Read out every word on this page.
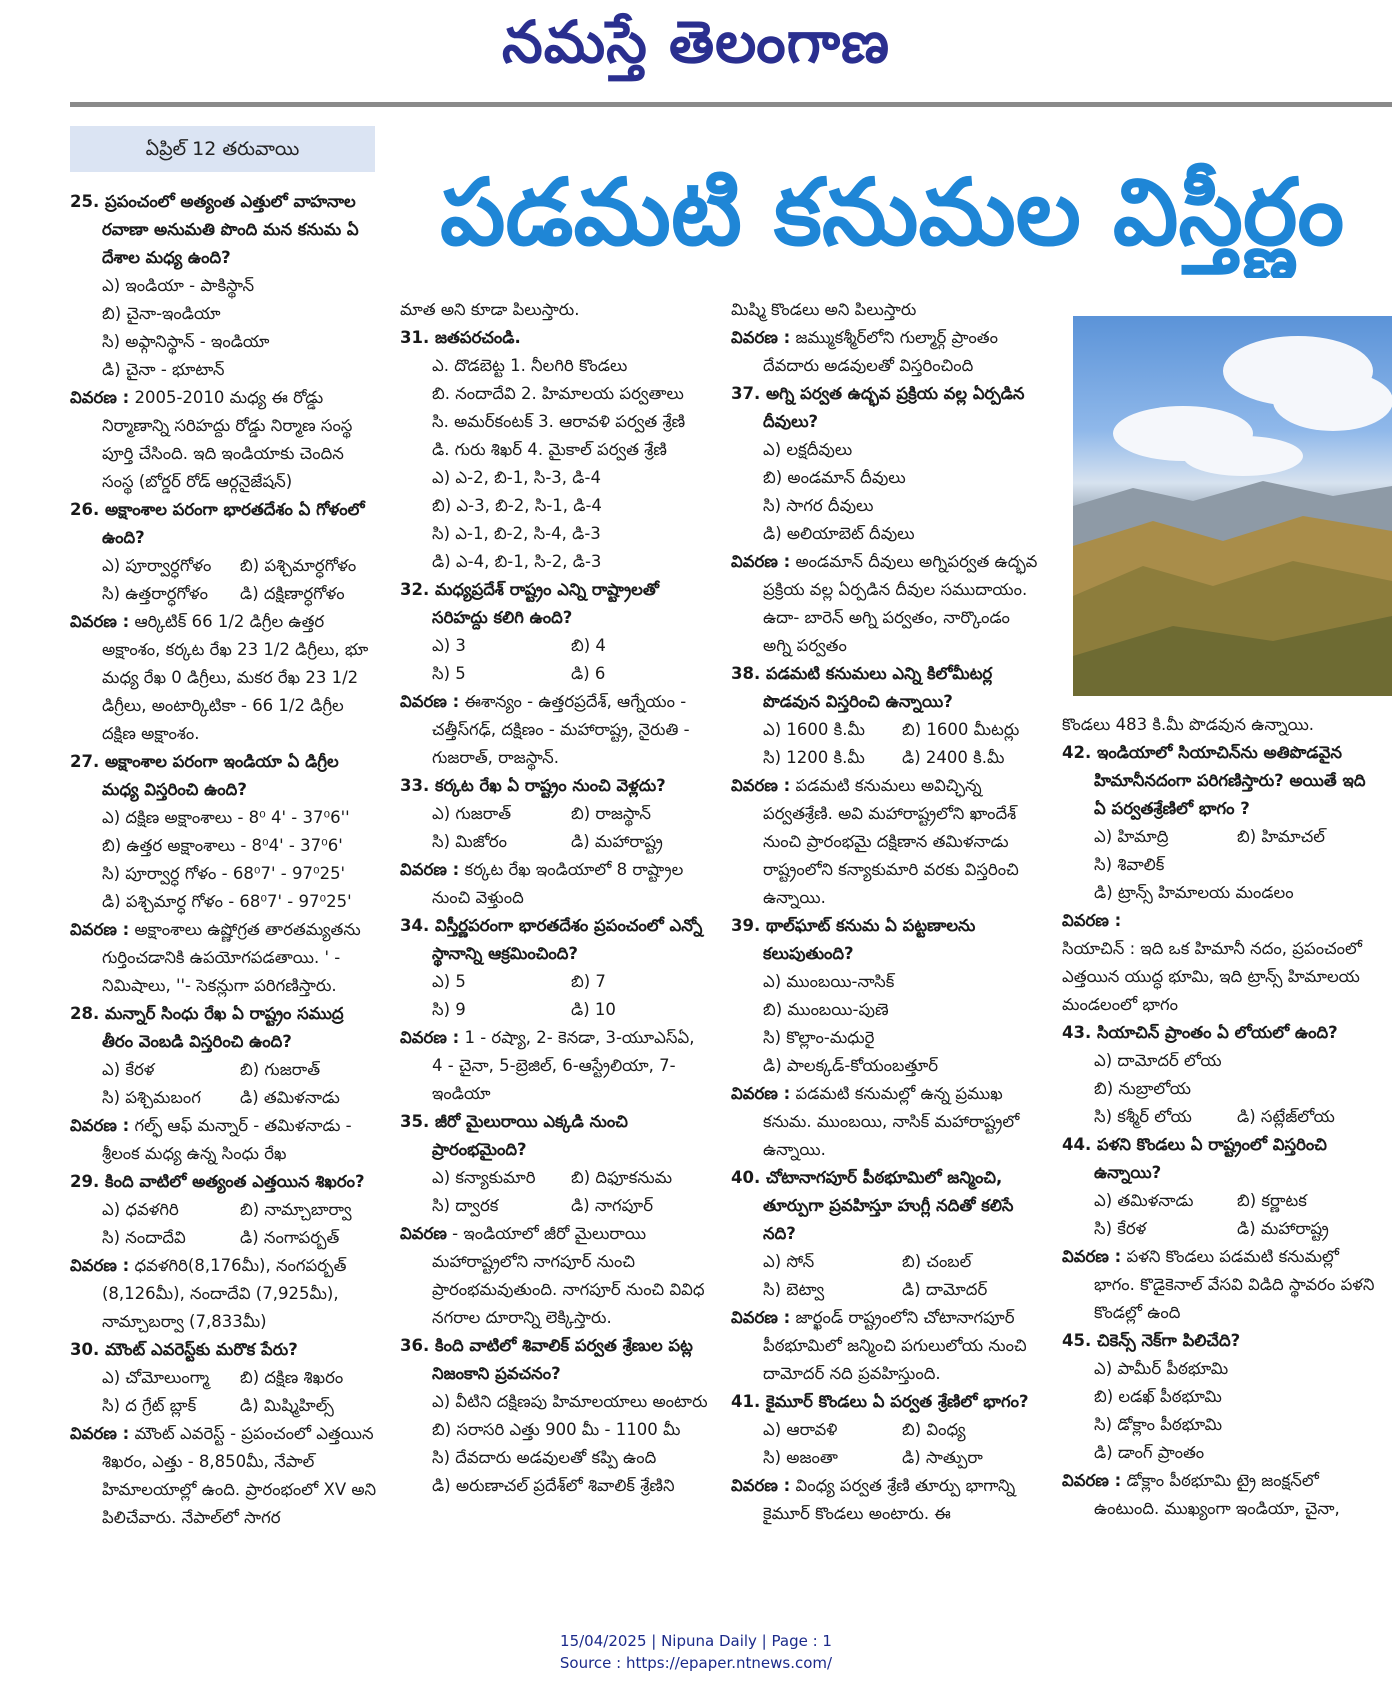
నమస్తే తెలంగాణ
ఏప్రిల్ 12 తరువాయి
పడమటి కనుమల విస్తీర్ణం
25. ప్రపంచంలో అత్యంత ఎత్తులో వాహనాల రవాణా అనుమతి పొంది మన కనుమ ఏ దేశాల మధ్య ఉంది?
ఎ) ఇండియా - పాకిస్థాన్
బి) చైనా-ఇండియా
సి) అఫ్గానిస్థాన్ - ఇండియా
డి) చైనా - భూటాన్
వివరణ : 2005-2010 మధ్య ఈ రోడ్డు నిర్మాణాన్ని సరిహద్దు రోడ్డు నిర్మాణ సంస్థ పూర్తి చేసింది. ఇది ఇండియాకు చెందిన సంస్థ (బోర్డర్ రోడ్ ఆర్గనైజేషన్)
26. అక్షాంశాల పరంగా భారతదేశం ఏ గోళంలో ఉంది?
ఎ) పూర్వార్ధగోళం	బి) పశ్చిమార్ధగోళం
సి) ఉత్తరార్ధగోళం	డి) దక్షిణార్ధగోళం
వివరణ : ఆర్కిటిక్ 66 1/2 డిగ్రీల ఉత్తర అక్షాంశం, కర్కట రేఖ 23 1/2 డిగ్రీలు, భూ మధ్య రేఖ 0 డిగ్రీలు, మకర రేఖ 23 1/2 డిగ్రీలు, అంటార్కిటికా - 66 1/2 డిగ్రీల దక్షిణ అక్షాంశం.
27. అక్షాంశాల పరంగా ఇండియా ఏ డిగ్రీల మధ్య విస్తరించి ఉంది?
ఎ) దక్షిణ అక్షాంశాలు - 8⁰ 4' - 37⁰6''
బి) ఉత్తర అక్షాంశాలు - 8⁰4' - 37⁰6'
సి) పూర్వార్ధ గోళం - 68⁰7' - 97⁰25'
డి) పశ్చిమార్ధ గోళం - 68⁰7' - 97⁰25'
వివరణ : అక్షాంశాలు ఉష్ణోగ్రత తారతమ్యతను గుర్తించడానికి ఉపయోగపడతాయి. ' - నిమిషాలు, ''- సెకన్లుగా పరిగణిస్తారు.
28. మన్నార్ సింధు రేఖ ఏ రాష్ట్రం సముద్ర తీరం వెంబడి విస్తరించి ఉంది?
ఎ) కేరళ	బి) గుజరాత్
సి) పశ్చిమబంగ	డి) తమిళనాడు
వివరణ : గల్ఫ్ ఆఫ్ మన్నార్ - తమిళనాడు - శ్రీలంక మధ్య ఉన్న సింధు రేఖ
29. కింది వాటిలో అత్యంత ఎత్తయిన శిఖరం?
ఎ) ధవళగిరి	బి) నామ్చాబార్వా
సి) నందాదేవి	డి) నంగాపర్బత్
వివరణ : ధవళగిరి(8,176మీ), నంగపర్బత్ (8,126మీ), నందాదేవి (7,925మీ), నామ్చాబర్వా (7,833మీ)
30. మౌంట్ ఎవరెస్ట్‌కు మరొక పేరు?
ఎ) చోమోలుంగ్మా	బి) దక్షిణ శిఖరం
సి) ద గ్రేట్ బ్లాక్	డి) మిష్మిహిల్స్
వివరణ : మౌంట్ ఎవరెస్ట్ - ప్రపంచంలో ఎత్తయిన శిఖరం, ఎత్తు - 8,850మీ, నేపాల్ హిమాలయాల్లో ఉంది. ప్రారంభంలో XV అని పిలిచేవారు. నేపాల్‌లో సాగర
మాత అని కూడా పిలుస్తారు.
31. జతపరచండి.
ఎ. దొడబెట్ట 1. నీలగిరి కొండలు
బి. నందాదేవి 2. హిమాలయ పర్వతాలు
సి. అమర్‌కంటక్ 3. ఆరావళి పర్వత శ్రేణి
డి. గురు శిఖర్ 4. మైకాల్ పర్వత శ్రేణి
ఎ) ఎ-2, బి-1, సి-3, డి-4
బి) ఎ-3, బి-2, సి-1, డి-4
సి) ఎ-1, బి-2, సి-4, డి-3
డి) ఎ-4, బి-1, సి-2, డి-3
32. మధ్యప్రదేశ్ రాష్ట్రం ఎన్ని రాష్ట్రాలతో సరిహద్దు కలిగి ఉంది?
ఎ) 3	బి) 4
సి) 5	డి) 6
వివరణ : ఈశాన్యం - ఉత్తరప్రదేశ్, ఆగ్నేయం - చత్తీస్‌గఢ్, దక్షిణం - మహారాష్ట్ర, నైరుతి - గుజరాత్, రాజస్థాన్.
33. కర్కట రేఖ ఏ రాష్ట్రం నుంచి వెళ్లదు?
ఎ) గుజరాత్	బి) రాజస్థాన్
సి) మిజోరం	డి) మహారాష్ట్ర
వివరణ : కర్కట రేఖ ఇండియాలో 8 రాష్ట్రాల నుంచి వెళ్తుంది
34. విస్తీర్ణపరంగా భారతదేశం ప్రపంచంలో ఎన్నో స్థానాన్ని ఆక్రమించింది?
ఎ) 5	బి) 7
సి) 9	డి) 10
వివరణ : 1 - రష్యా, 2- కెనడా, 3-యూఎస్ఏ, 4 - చైనా, 5-బ్రెజిల్, 6-ఆస్ట్రేలియా, 7-ఇండియా
35. జీరో మైలురాయి ఎక్కడి నుంచి ప్రారంభమైంది?
ఎ) కన్యాకుమారి	బి) దిఫూకనుమ
సి) ద్వారక	డి) నాగపూర్
వివరణ - ఇండియాలో జీరో మైలురాయి మహారాష్ట్రలోని నాగపూర్ నుంచి ప్రారంభమవుతుంది. నాగపూర్ నుంచి వివిధ నగరాల దూరాన్ని లెక్కిస్తారు.
36. కింది వాటిలో శివాలిక్ పర్వత శ్రేణుల పట్ల నిజంకాని ప్రవచనం?
ఎ) వీటిని దక్షిణపు హిమాలయాలు అంటారు
బి) సరాసరి ఎత్తు 900 మీ - 1100 మీ
సి) దేవదారు అడవులతో కప్పి ఉంది
డి) అరుణాచల్ ప్రదేశ్‌లో శివాలిక్ శ్రేణిని
మిష్మి కొండలు అని పిలుస్తారు
వివరణ : జమ్ముకశ్మీర్‌లోని గుల్మార్గ్ ప్రాంతం దేవదారు అడవులతో విస్తరించింది
37. అగ్ని పర్వత ఉద్భవ ప్రక్రియ వల్ల ఏర్పడిన దీవులు?
ఎ) లక్షదీవులు
బి) అండమాన్ దీవులు
సి) సాగర దీవులు
డి) అలియాబెట్ దీవులు
వివరణ : అండమాన్ దీవులు అగ్నిపర్వత ఉద్భవ ప్రక్రియ వల్ల ఏర్పడిన దీవుల సముదాయం. ఉదా- బారెన్ అగ్ని పర్వతం, నార్కొండం అగ్ని పర్వతం
38. పడమటి కనుమలు ఎన్ని కిలోమీటర్ల పొడవున విస్తరించి ఉన్నాయి?
ఎ) 1600 కి.మీ	బి) 1600 మీటర్లు
సి) 1200 కి.మీ	డి) 2400 కి.మీ
వివరణ : పడమటి కనుమలు అవిచ్ఛిన్న పర్వతశ్రేణి. అవి మహారాష్ట్రలోని ఖాందేశ్ నుంచి ప్రారంభమై దక్షిణాన తమిళనాడు రాష్ట్రంలోని కన్యాకుమారి వరకు విస్తరించి ఉన్నాయి.
39. థాల్‌ఘాట్ కనుమ ఏ పట్టణాలను కలుపుతుంది?
ఎ) ముంబయి-నాసిక్
బి) ముంబయి-పుణె
సి) కొల్లాం-మధురై
డి) పాలక్కడ్-కోయంబత్తూర్
వివరణ : పడమటి కనుమల్లో ఉన్న ప్రముఖ కనుమ. ముంబయి, నాసిక్ మహారాష్ట్రలో ఉన్నాయి.
40. చోటానాగపూర్ పీఠభూమిలో జన్మించి, తూర్పుగా ప్రవహిస్తూ హుగ్లీ నదితో కలిసే నది?
ఎ) సోన్	బి) చంబల్
సి) బెట్వా	డి) దామోదర్
వివరణ : జార్ఖండ్ రాష్ట్రంలోని చోటానాగపూర్ పీఠభూమిలో జన్మించి పగులులోయ నుంచి దామోదర్ నది ప్రవహిస్తుంది.
41. కైమూర్ కొండలు ఏ పర్వత శ్రేణిలో భాగం?
ఎ) ఆరావళి	బి) వింధ్య
సి) అజంతా	డి) సాత్పురా
వివరణ : వింధ్య పర్వత శ్రేణి తూర్పు భాగాన్ని కైమూర్ కొండలు అంటారు. ఈ
కొండలు 483 కి.మీ పొడవున ఉన్నాయి.
42. ఇండియాలో సియాచిన్‌ను అతిపొడవైన హిమానీనదంగా పరిగణిస్తారు? అయితే ఇది ఏ పర్వతశ్రేణిలో భాగం ?
ఎ) హిమాద్రి	బి) హిమాచల్
సి) శివాలిక్
డి) ట్రాన్స్ హిమాలయ మండలం
వివరణ :
సియాచిన్ : ఇది ఒక హిమానీ నదం, ప్రపంచంలో ఎత్తయిన యుద్ధ భూమి, ఇది ట్రాన్స్ హిమాలయ మండలంలో భాగం
43. సియాచిన్ ప్రాంతం ఏ లోయలో ఉంది?
ఎ) దామోదర్ లోయ
బి) నుబ్రాలోయ
సి) కశ్మీర్ లోయ	డి) సట్లేజ్‌లోయ
44. పళని కొండలు ఏ రాష్ట్రంలో విస్తరించి ఉన్నాయి?
ఎ) తమిళనాడు	బి) కర్ణాటక
సి) కేరళ	డి) మహారాష్ట్ర
వివరణ : పళని కొండలు పడమటి కనుమల్లో భాగం. కొడైకెనాల్ వేసవి విడిది స్థావరం పళని కొండల్లో ఉంది
45. చికెన్స్ నెక్‌గా పిలిచేది?
ఎ) పామీర్ పీఠభూమి
బి) లడఖ్ పీఠభూమి
సి) డోక్లాం పీఠభూమి
డి) డాంగ్ ప్రాంతం
వివరణ : డోక్లాం పీఠభూమి ట్రై జంక్షన్‌లో ఉంటుంది. ముఖ్యంగా ఇండియా, చైనా,
15/04/2025 | Nipuna Daily | Page : 1
Source : https://epaper.ntnews.com/
